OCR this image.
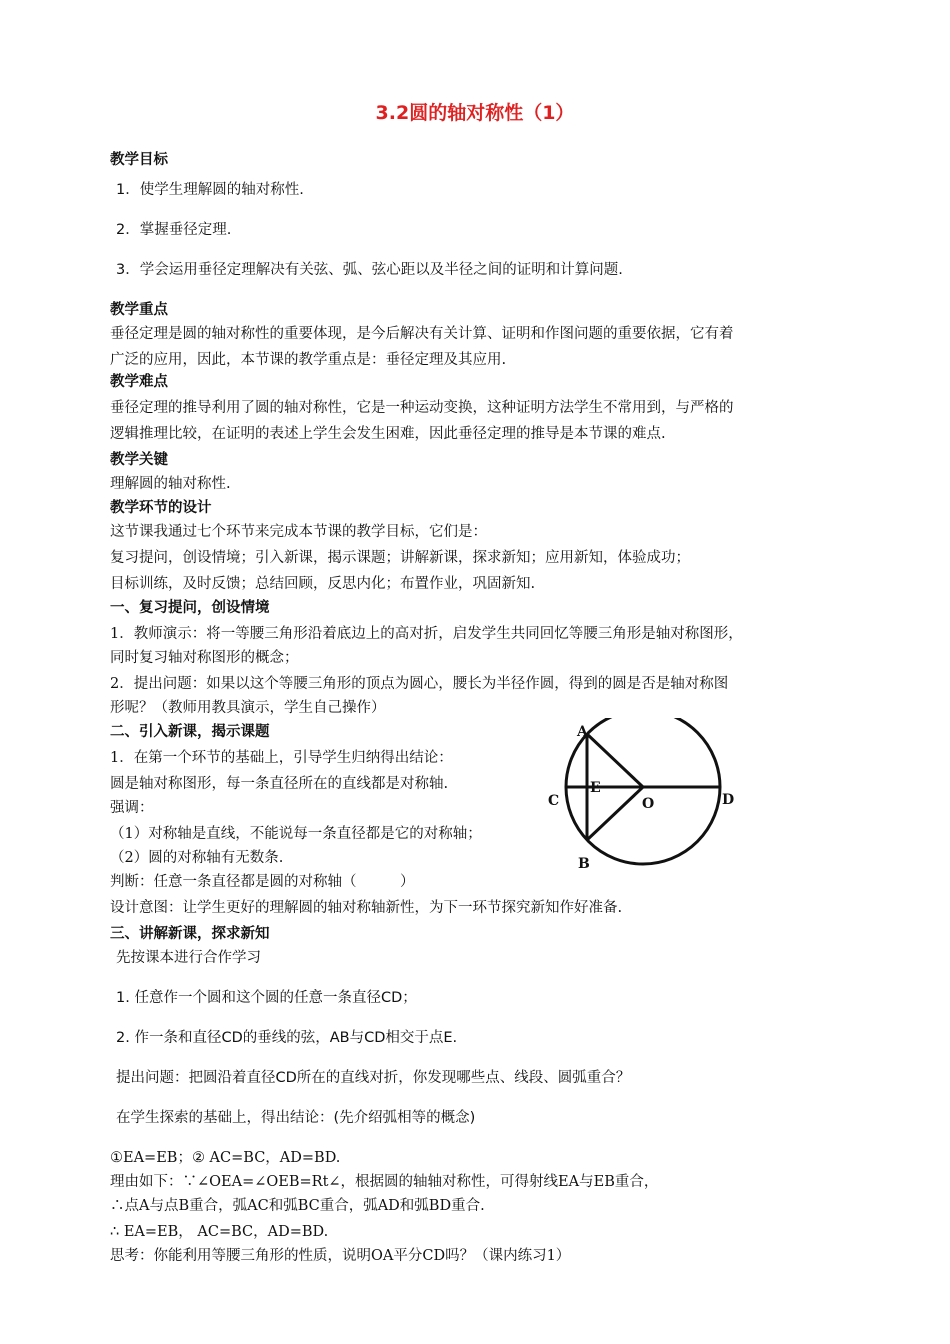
3.2圆的轴对称性（1）
教学目标
1．使学生理解圆的轴对称性.
2．掌握垂径定理.
3．学会运用垂径定理解决有关弦、弧、弦心距以及半径之间的证明和计算问题.
教学重点
垂径定理是圆的轴对称性的重要体现，是今后解决有关计算、证明和作图问题的重要依据，它有着
广泛的应用，因此，本节课的教学重点是：垂径定理及其应用.
教学难点
垂径定理的推导利用了圆的轴对称性，它是一种运动变换，这种证明方法学生不常用到，与严格的
逻辑推理比较，在证明的表述上学生会发生困难，因此垂径定理的推导是本节课的难点.
教学关键
理解圆的轴对称性.
教学环节的设计
这节课我通过七个环节来完成本节课的教学目标，它们是：
复习提问，创设情境；引入新课，揭示课题；讲解新课，探求新知；应用新知，体验成功；
目标训练，及时反馈；总结回顾，反思内化；布置作业，巩固新知.
一、复习提问，创设情境
1．教师演示：将一等腰三角形沿着底边上的高对折，启发学生共同回忆等腰三角形是轴对称图形，
同时复习轴对称图形的概念；
2．提出问题：如果以这个等腰三角形的顶点为圆心，腰长为半径作圆，得到的圆是否是轴对称图
形呢？（教师用教具演示，学生自己操作）
二、引入新课，揭示课题
1．在第一个环节的基础上，引导学生归纳得出结论：
圆是轴对称图形，每一条直径所在的直线都是对称轴.
强调：
（1）对称轴是直线，不能说每一条直径都是它的对称轴；
（2）圆的对称轴有无数条.
判断：任意一条直径都是圆的对称轴（　　　）
设计意图：让学生更好的理解圆的轴对称轴新性，为下一环节探究新知作好准备.
A
B
C	D
E
O
三、讲解新课，探求新知
先按课本进行合作学习
1. 任意作一个圆和这个圆的任意一条直径CD；
2. 作一条和直径CD的垂线的弦，AB与CD相交于点E.
提出问题：把圆沿着直径CD所在的直线对折，你发现哪些点、线段、圆弧重合？
在学生探索的基础上，得出结论：(先介绍弧相等的概念)
①EA=EB；② AC=BC，AD=BD.
理由如下：∵∠OEA=∠OEB=Rt∠，根据圆的轴轴对称性，可得射线EA与EB重合，
∴点A与点B重合，弧AC和弧BC重合，弧AD和弧BD重合.
∴ EA=EB， AC=BC，AD=BD.
思考：你能利用等腰三角形的性质，说明OA平分CD吗？（课内练习1）
